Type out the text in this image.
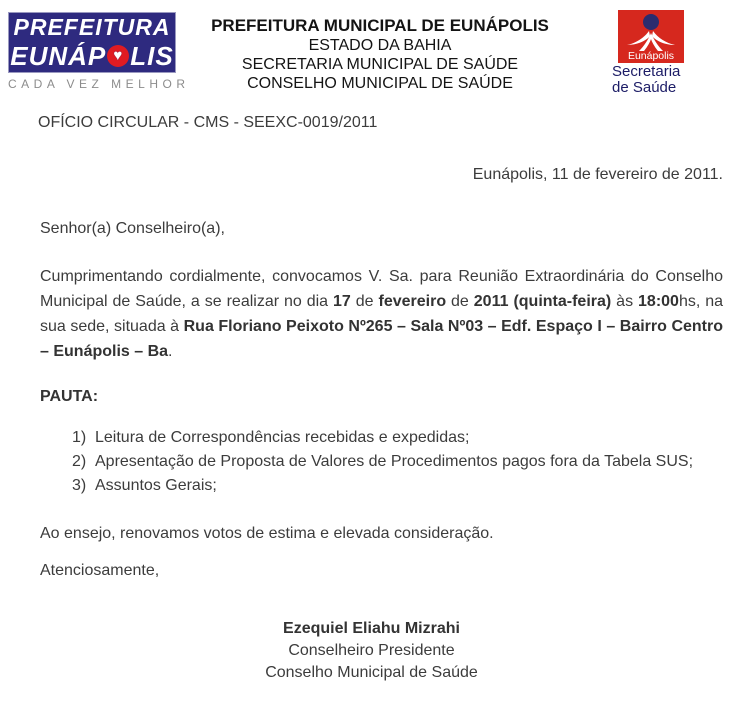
PREFEITURA
EUNÁP ♥ LIS
CADA VEZ MELHOR
PREFEITURA MUNICIPAL DE EUNÁPOLIS
ESTADO DA BAHIA
SECRETARIA MUNICIPAL DE SAÚDE
CONSELHO MUNICIPAL DE SAÚDE
Eunápolis
Secretaria
de Saúde
OFÍCIO CIRCULAR - CMS - SEEXC-0019/2011
Eunápolis, 11 de fevereiro de 2011.
Senhor(a) Conselheiro(a),
Cumprimentando cordialmente, convocamos V. Sa. para Reunião Extraordinária do Conselho Municipal de Saúde, a se realizar no dia 17 de fevereiro de 2011 (quinta-feira) às 18:00hs, na sua sede, situada à Rua Floriano Peixoto Nº265 – Sala Nº03 – Edf. Espaço I – Bairro Centro – Eunápolis – Ba.
PAUTA:
1) Leitura de Correspondências recebidas e expedidas;
2) Apresentação de Proposta de Valores de Procedimentos pagos fora da Tabela SUS;
3) Assuntos Gerais;
Ao ensejo, renovamos votos de estima e elevada consideração.
Atenciosamente,
Ezequiel Eliahu Mizrahi
Conselheiro Presidente
Conselho Municipal de Saúde
